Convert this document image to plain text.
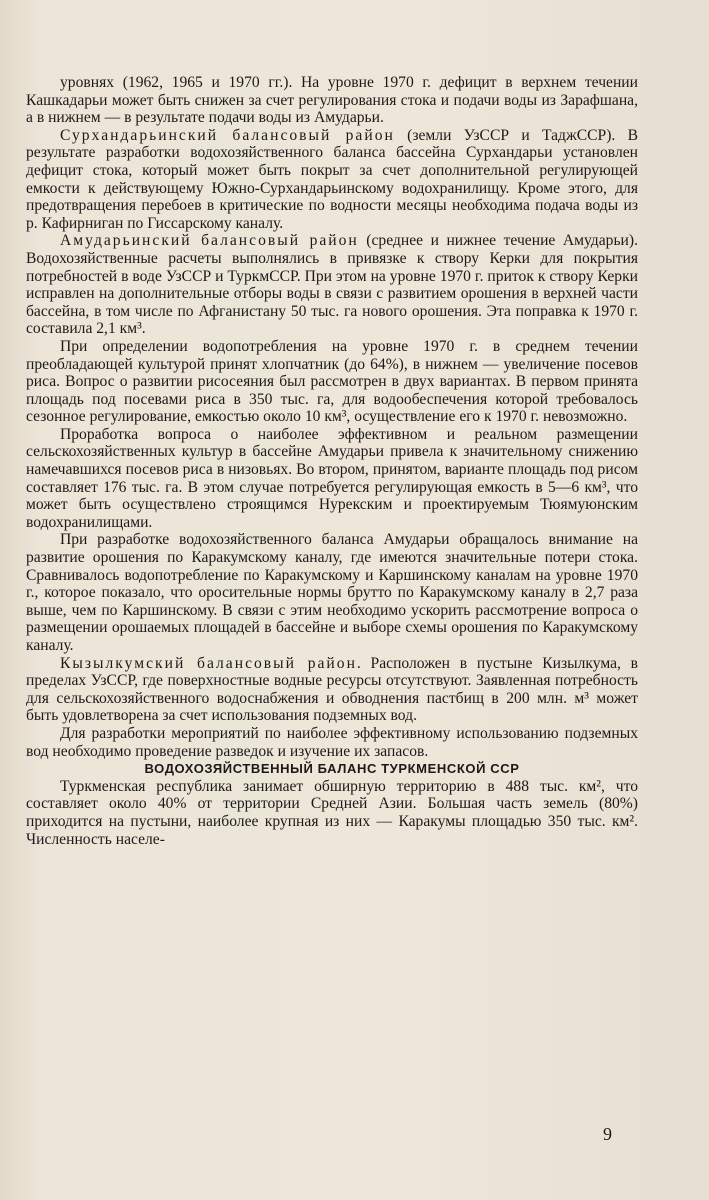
уровнях (1962, 1965 и 1970 гг.). На уровне 1970 г. дефицит в верхнем течении Кашкадарьи может быть снижен за счет регулирования стока и подачи воды из Зарафшана, а в нижнем — в результате подачи воды из Амударьи.

Сурхандарьинский балансовый район (земли УзССР и ТаджССР). В результате разработки водохозяйственного баланса бассейна Сурхандарьи установлен дефицит стока, который может быть покрыт за счет дополнительной регулирующей емкости к действующему Южно-Сурхандарьинскому водохранилищу. Кроме этого, для предотвращения перебоев в критические по водности месяцы необходима подача воды из р. Кафирниган по Гиссарскому каналу.

Амударьинский балансовый район (среднее и нижнее течение Амударьи). Водохозяйственные расчеты выполнялись в привязке к створу Керки для покрытия потребностей в воде УзССР и ТуркмССР. При этом на уровне 1970 г. приток к створу Керки исправлен на дополнительные отборы воды в связи с развитием орошения в верхней части бассейна, в том числе по Афганистану 50 тыс. га нового орошения. Эта поправка к 1970 г. составила 2,1 км³.

При определении водопотребления на уровне 1970 г. в среднем течении преобладающей культурой принят хлопчатник (до 64%), в нижнем — увеличение посевов риса. Вопрос о развитии рисосеяния был рассмотрен в двух вариантах. В первом принята площадь под посевами риса в 350 тыс. га, для водообеспечения которой требовалось сезонное регулирование, емкостью около 10 км³, осуществление его к 1970 г. невозможно.

Проработка вопроса о наиболее эффективном и реальном размещении сельскохозяйственных культур в бассейне Амударьи привела к значительному снижению намечавшихся посевов риса в низовьях. Во втором, принятом, варианте площадь под рисом составляет 176 тыс. га. В этом случае потребуется регулирующая емкость в 5—6 км³, что может быть осуществлено строящимся Нурекским и проектируемым Тюямуюнским водохранилищами.

При разработке водохозяйственного баланса Амударьи обращалось внимание на развитие орошения по Каракумскому каналу, где имеются значительные потери стока. Сравнивалось водопотребление по Каракумскому и Каршинскому каналам на уровне 1970 г., которое показало, что оросительные нормы брутто по Каракумскому каналу в 2,7 раза выше, чем по Каршинскому. В связи с этим необходимо ускорить рассмотрение вопроса о размещении орошаемых площадей в бассейне и выборе схемы орошения по Каракумскому каналу.

Кызылкумский балансовый район. Расположен в пустыне Кизылкума, в пределах УзССР, где поверхностные водные ресурсы отсутствуют. Заявленная потребность для сельскохозяйственного водоснабжения и обводнения пастбищ в 200 млн. м³ может быть удовлетворена за счет использования подземных вод.

Для разработки мероприятий по наиболее эффективному использованию подземных вод необходимо проведение разведок и изучение их запасов.

ВОДОХОЗЯЙСТВЕННЫЙ БАЛАНС ТУРКМЕНСКОЙ ССР

Туркменская республика занимает обширную территорию в 488 тыс. км², что составляет около 40% от территории Средней Азии. Большая часть земель (80%) приходится на пустыни, наиболее крупная из них — Каракумы площадью 350 тыс. км². Численность населе-

9
